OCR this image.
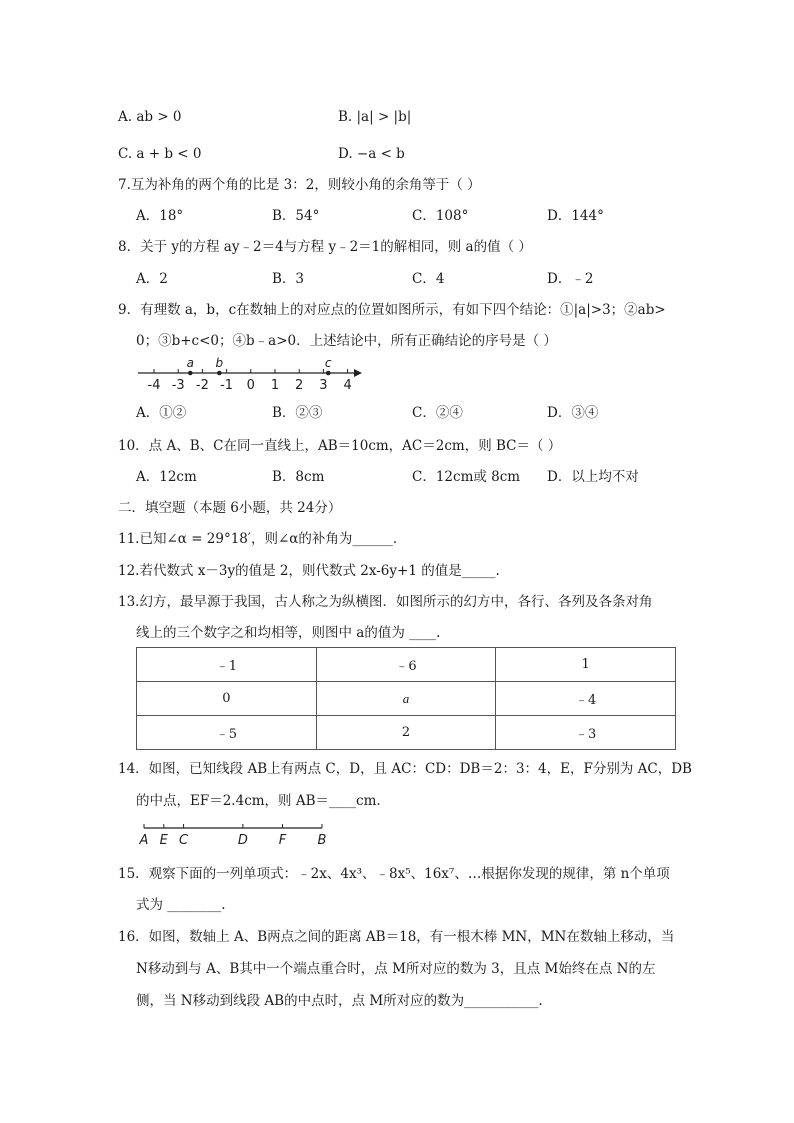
A. ab > 0	B. |a| > |b|
C. a + b < 0	D. −a < b
7.互为补角的两个角的比是 3：2，则较小角的余角等于（ ）
A．18°	B．54°	C．108°	D．144°
8．关于 y的方程 ay﹣2＝4与方程 y﹣2＝1的解相同，则 a的值（ ）
A．2	B．3	C．4	D．﹣2
9．有理数 a，b，c在数轴上的对应点的位置如图所示，有如下四个结论：①|a|>3；②ab>
0；③b+c<0；④b﹣a>0．上述结论中，所有正确结论的序号是（ ）
-4 -3 -2 -1 0 1 2 3 4
a b	c
A．①②	B．②③	C．②④	D．③④
10．点 A、B、C在同一直线上，AB＝10cm，AC＝2cm，则 BC＝（ ）
A．12cm	B．8cm	C．12cm或 8cm D．以上均不对
二．填空题（本题 6小题，共 24分）
11.已知∠α = 29°18′，则∠α的补角为______.
12.若代数式 x－3y的值是 2，则代数式 2x-6y+1 的值是_____.
13.幻方，最早源于我国，古人称之为纵横图．如图所示的幻方中，各行、各列及各条对角
线上的三个数字之和均相等，则图中 a的值为 ____.
﹣1	﹣6	1
0	a	﹣4
﹣5	2	﹣3
14．如图，已知线段 AB上有两点 C，D，且 AC：CD：DB＝2：3：4，E，F分别为 AC，DB
的中点，EF＝2.4cm，则 AB＝____cm.
A E C	D F B
15．观察下面的一列单项式：﹣2x、4x³、﹣8x⁵、16x⁷、…根据你发现的规律，第 n个单项
式为 ________.
16．如图，数轴上 A、B两点之间的距离 AB＝18，有一根木棒 MN，MN在数轴上移动，当
N移动到与 A、B其中一个端点重合时，点 M所对应的数为 3，且点 M始终在点 N的左
侧，当 N移动到线段 AB的中点时，点 M所对应的数为___________.
